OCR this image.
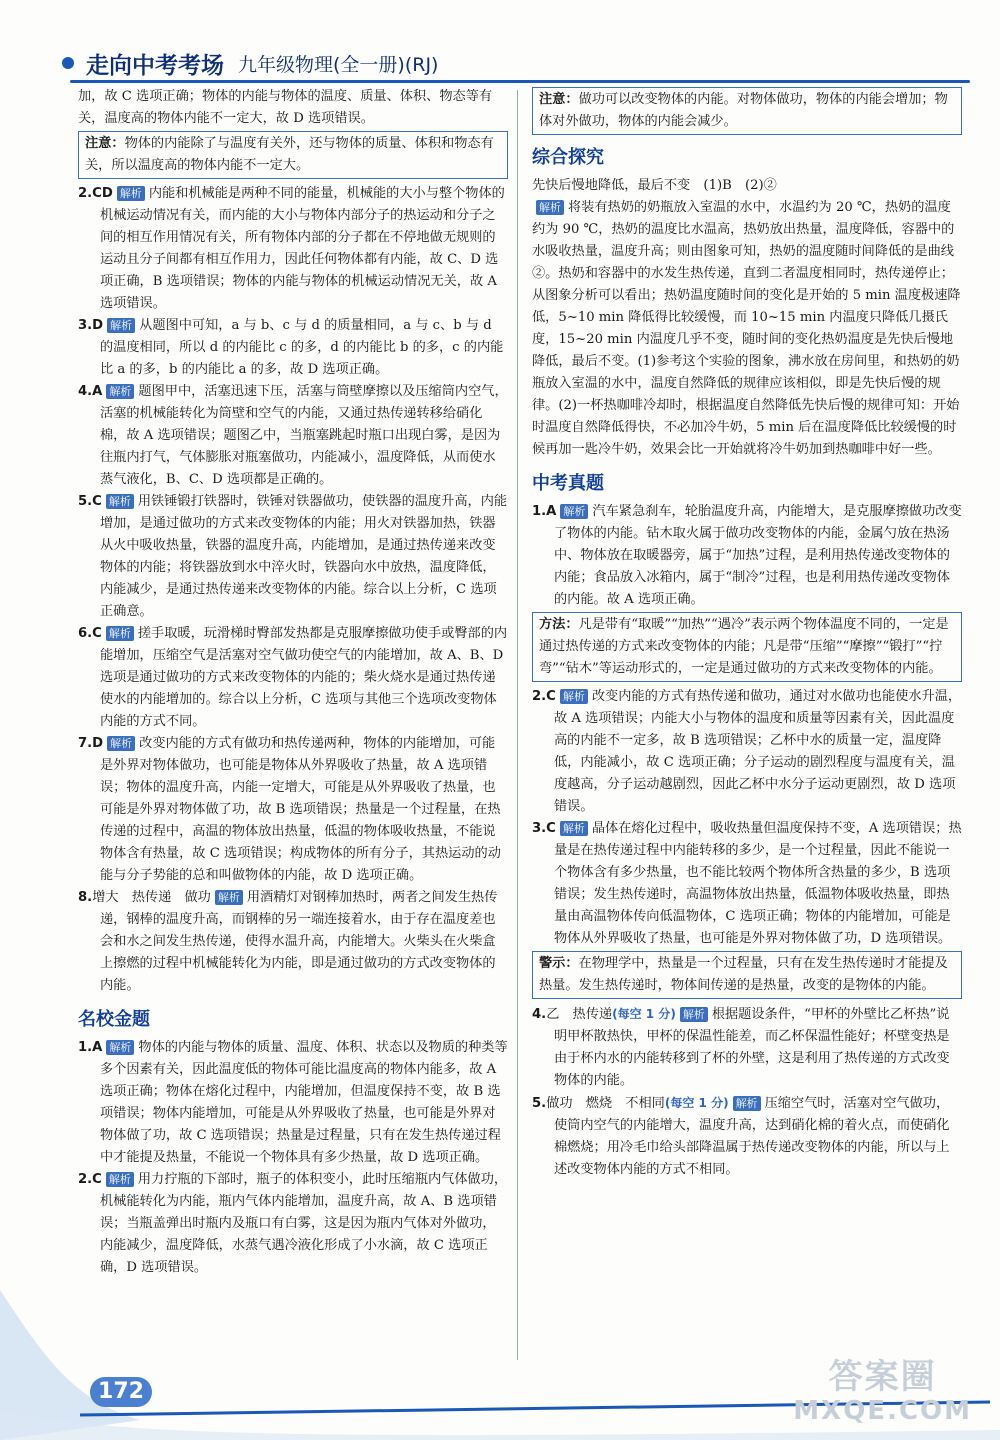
走向中考考场 九年级物理(全一册)(RJ)

加，故 C 选项正确；物体的内能与物体的温度、质量、体积、物态等有关，温度高的物体内能不一定大，故 D 选项错误。

注意：物体的内能除了与温度有关外，还与物体的质量、体积和物态有关，所以温度高的物体内能不一定大。

2.CD 解析 内能和机械能是两种不同的能量，机械能的大小与整个物体的机械运动情况有关，而内能的大小与物体内部分子的热运动和分子之间的相互作用情况有关，所有物体内部的分子都在不停地做无规则的运动且分子间都有相互作用力，因此任何物体都有内能，故 C、D 选项正确，B 选项错误；物体的内能与物体的机械运动情况无关，故 A 选项错误。

3.D 解析 从题图中可知，a 与 b、c 与 d 的质量相同，a 与 c、b 与 d 的温度相同，所以 d 的内能比 c 的多，d 的内能比 b 的多，c 的内能比 a 的多，b 的内能比 a 的多，故 D 选项正确。

4.A 解析 题图甲中，活塞迅速下压，活塞与筒壁摩擦以及压缩筒内空气，活塞的机械能转化为筒壁和空气的内能，又通过热传递转移给硝化棉，故 A 选项错误；题图乙中，当瓶塞跳起时瓶口出现白雾，是因为往瓶内打气，气体膨胀对瓶塞做功，内能减小，温度降低，从而使水蒸气液化，B、C、D 选项都是正确的。

5.C 解析 用铁锤锻打铁器时，铁锤对铁器做功，使铁器的温度升高，内能增加，是通过做功的方式来改变物体的内能；用火对铁器加热，铁器从火中吸收热量，铁器的温度升高，内能增加，是通过热传递来改变物体的内能；将铁器放到水中淬火时，铁器向水中放热，温度降低，内能减少，是通过热传递来改变物体的内能。综合以上分析，C 选项正确意。

6.C 解析 搓手取暖，玩滑梯时臀部发热都是克服摩擦做功使手或臀部的内能增加，压缩空气是活塞对空气做功使空气的内能增加，故 A、B、D 选项是通过做功的方式来改变物体的内能的；柴火烧水是通过热传递使水的内能增加的。综合以上分析，C 选项与其他三个选项改变物体内能的方式不同。

7.D 解析 改变内能的方式有做功和热传递两种，物体的内能增加，可能是外界对物体做功，也可能是物体从外界吸收了热量，故 A 选项错误；物体的温度升高，内能一定增大，可能是从外界吸收了热量，也可能是外界对物体做了功，故 B 选项错误；热量是一个过程量，在热传递的过程中，高温的物体放出热量，低温的物体吸收热量，不能说物体含有热量，故 C 选项错误；构成物体的所有分子，其热运动的动能与分子势能的总和叫做物体的内能，故 D 选项正确。

8.增大　热传递　做功 解析 用酒精灯对钢棒加热时，两者之间发生热传递，钢棒的温度升高，而钢棒的另一端连接着水，由于存在温度差也会和水之间发生热传递，使得水温升高，内能增大。火柴头在火柴盒上擦燃的过程中机械能转化为内能，即是通过做功的方式改变物体的内能。

名校金题

1.A 解析 物体的内能与物体的质量、温度、体积、状态以及物质的种类等多个因素有关，因此温度低的物体可能比温度高的物体内能多，故 A 选项正确；物体在熔化过程中，内能增加，但温度保持不变，故 B 选项错误；物体内能增加，可能是从外界吸收了热量，也可能是外界对物体做了功，故 C 选项错误；热量是过程量，只有在发生热传递过程中才能提及热量，不能说一个物体具有多少热量，故 D 选项正确。

2.C 解析 用力拧瓶的下部时，瓶子的体积变小，此时压缩瓶内气体做功，机械能转化为内能，瓶内气体内能增加，温度升高，故 A、B 选项错误；当瓶盖弹出时瓶内及瓶口有白雾，这是因为瓶内气体对外做功，内能减少，温度降低，水蒸气遇冷液化形成了小水滴，故 C 选项正确，D 选项错误。

注意：做功可以改变物体的内能。对物体做功，物体的内能会增加；物体对外做功，物体的内能会减少。
综合探究

先快后慢地降低，最后不变　(1)B　(2)②

解析 将装有热奶的奶瓶放入室温的水中，水温约为 20 ℃，热奶的温度约为 90 ℃，热奶的温度比水温高，热奶放出热量，温度降低，容器中的水吸收热量，温度升高；则由图象可知，热奶的温度随时间降低的是曲线②。热奶和容器中的水发生热传递，直到二者温度相同时，热传递停止；从图象分析可以看出；热奶温度随时间的变化是开始的 5 min 温度极速降低，5~10 min 降低得比较缓慢，而 10~15 min 内温度只降低几摄氏度，15~20 min 内温度几乎不变，随时间的变化热奶温度是先快后慢地降低，最后不变。(1)参考这个实验的图象，沸水放在房间里，和热奶的奶瓶放入室温的水中，温度自然降低的规律应该相似，即是先快后慢的规律。(2)一杯热咖啡冷却时，根据温度自然降低先快后慢的规律可知：开始时温度自然降低得快，不必加冷牛奶，5 min 后在温度降低比较缓慢的时候再加一匙冷牛奶，效果会比一开始就将冷牛奶加到热咖啡中好一些。

中考真题

1.A 解析 汽车紧急刹车，轮胎温度升高，内能增大，是克服摩擦做功改变了物体的内能。钻木取火属于做功改变物体的内能，金属勺放在热汤中、物体放在取暖器旁，属于“加热”过程，是利用热传递改变物体的内能；食品放入冰箱内，属于“制冷”过程，也是利用热传递改变物体的内能。故 A 选项正确。

方法：凡是带有“取暖”“加热”“遇冷”表示两个物体温度不同的，一定是通过热传递的方式来改变物体的内能；凡是带“压缩”“摩擦”“锻打”“拧弯”“钻木”等运动形式的，一定是通过做功的方式来改变物体的内能。

2.C 解析 改变内能的方式有热传递和做功，通过对水做功也能使水升温，故 A 选项错误；内能大小与物体的温度和质量等因素有关，因此温度高的内能不一定多，故 B 选项错误；乙杯中水的质量一定，温度降低，内能减小，故 C 选项正确；分子运动的剧烈程度与温度有关，温度越高，分子运动越剧烈，因此乙杯中水分子运动更剧烈，故 D 选项错误。

3.C 解析 晶体在熔化过程中，吸收热量但温度保持不变，A 选项错误；热量是在热传递过程中内能转移的多少，是一个过程量，因此不能说一个物体含有多少热量，也不能比较两个物体所含热量的多少，B 选项错误；发生热传递时，高温物体放出热量，低温物体吸收热量，即热量由高温物体传向低温物体，C 选项正确；物体的内能增加，可能是物体从外界吸收了热量，也可能是外界对物体做了功，D 选项错误。

警示：在物理学中，热量是一个过程量，只有在发生热传递时才能提及热量。发生热传递时，物体间传递的是热量，改变的是物体的内能。

4.乙　热传递(每空 1 分) 解析 根据题设条件，“甲杯的外壁比乙杯热”说明甲杯散热快，甲杯的保温性能差，而乙杯保温性能好；杯壁变热是由于杯内水的内能转移到了杯的外壁，这是利用了热传递的方式改变物体的内能。

5.做功　燃烧　不相同(每空 1 分) 解析 压缩空气时，活塞对空气做功，使筒内空气的内能增大，温度升高，达到硝化棉的着火点，而使硝化棉燃烧；用冷毛巾给头部降温属于热传递改变物体的内能，所以与上述改变物体内能的方式不相同。

172	答案圈
MXQE.COM
